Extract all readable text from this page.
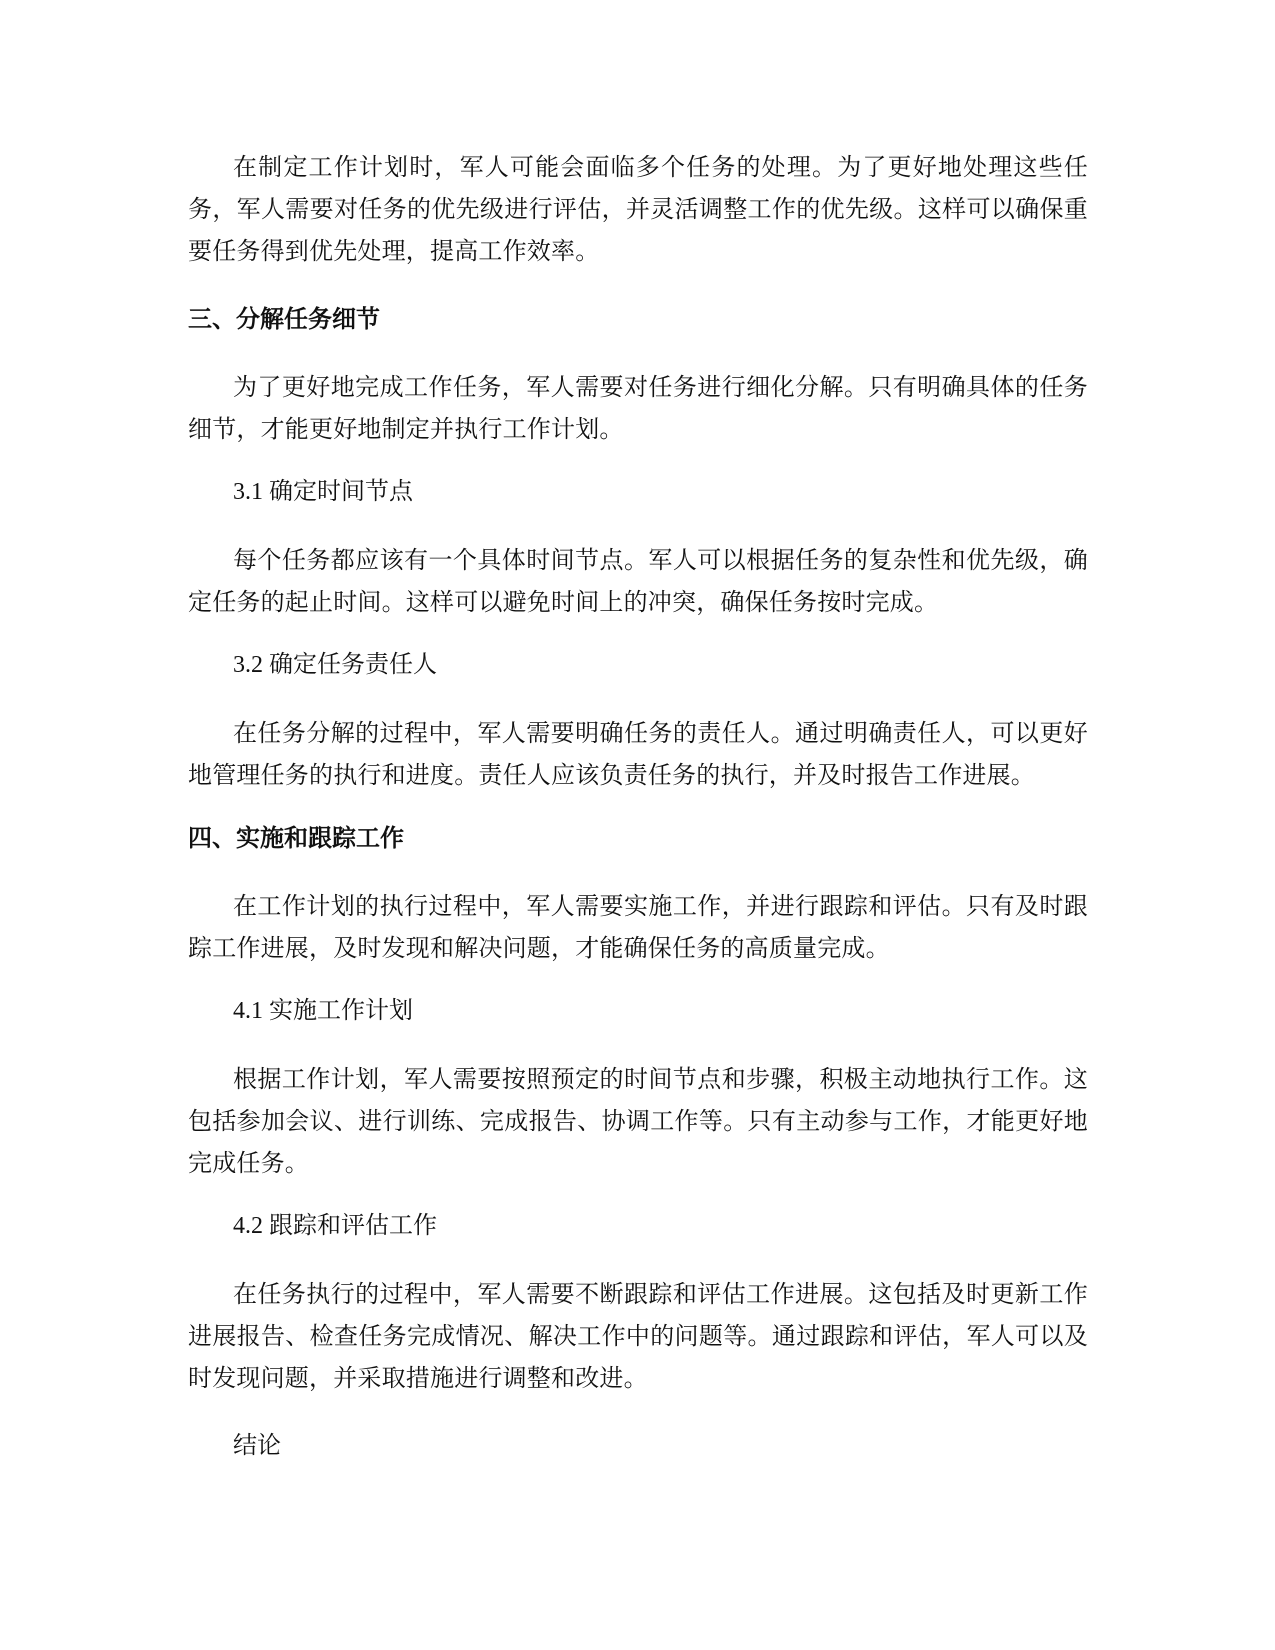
在制定工作计划时，军人可能会面临多个任务的处理。为了更好地处理这些任务，军人需要对任务的优先级进行评估，并灵活调整工作的优先级。这样可以确保重要任务得到优先处理，提高工作效率。

三、分解任务细节

为了更好地完成工作任务，军人需要对任务进行细化分解。只有明确具体的任务细节，才能更好地制定并执行工作计划。

3.1 确定时间节点

每个任务都应该有一个具体时间节点。军人可以根据任务的复杂性和优先级，确定任务的起止时间。这样可以避免时间上的冲突，确保任务按时完成。

3.2 确定任务责任人

在任务分解的过程中，军人需要明确任务的责任人。通过明确责任人，可以更好地管理任务的执行和进度。责任人应该负责任务的执行，并及时报告工作进展。

四、实施和跟踪工作

在工作计划的执行过程中，军人需要实施工作，并进行跟踪和评估。只有及时跟踪工作进展，及时发现和解决问题，才能确保任务的高质量完成。

4.1 实施工作计划

根据工作计划，军人需要按照预定的时间节点和步骤，积极主动地执行工作。这包括参加会议、进行训练、完成报告、协调工作等。只有主动参与工作，才能更好地完成任务。

4.2 跟踪和评估工作

在任务执行的过程中，军人需要不断跟踪和评估工作进展。这包括及时更新工作进展报告、检查任务完成情况、解决工作中的问题等。通过跟踪和评估，军人可以及时发现问题，并采取措施进行调整和改进。

结论
